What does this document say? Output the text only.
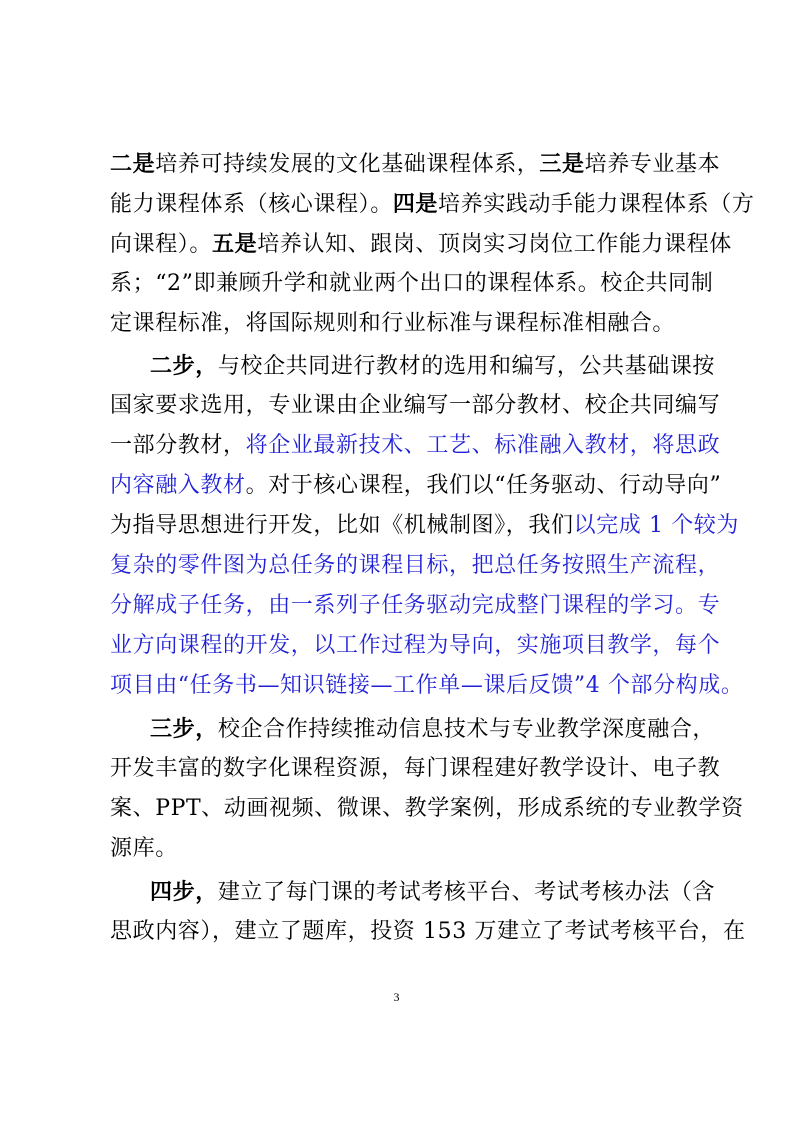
二是培养可持续发展的文化基础课程体系，三是培养专业基本
能力课程体系（核心课程）。四是培养实践动手能力课程体系（方
向课程）。五是培养认知、跟岗、顶岗实习岗位工作能力课程体
系；“2”即兼顾升学和就业两个出口的课程体系。校企共同制
定课程标准，将国际规则和行业标准与课程标准相融合。
二步，与校企共同进行教材的选用和编写，公共基础课按
国家要求选用，专业课由企业编写一部分教材、校企共同编写
一部分教材，将企业最新技术、工艺、标准融入教材，将思政
内容融入教材。对于核心课程，我们以“任务驱动、行动导向”
为指导思想进行开发，比如《机械制图》，我们以完成 1 个较为
复杂的零件图为总任务的课程目标，把总任务按照生产流程，
分解成子任务，由一系列子任务驱动完成整门课程的学习。专
业方向课程的开发，以工作过程为导向，实施项目教学，每个
项目由“任务书—知识链接—工作单—课后反馈”4 个部分构成。
三步，校企合作持续推动信息技术与专业教学深度融合，
开发丰富的数字化课程资源，每门课程建好教学设计、电子教
案、PPT、动画视频、微课、教学案例，形成系统的专业教学资
源库。
四步，建立了每门课的考试考核平台、考试考核办法（含
思政内容），建立了题库，投资 153 万建立了考试考核平台，在
3
